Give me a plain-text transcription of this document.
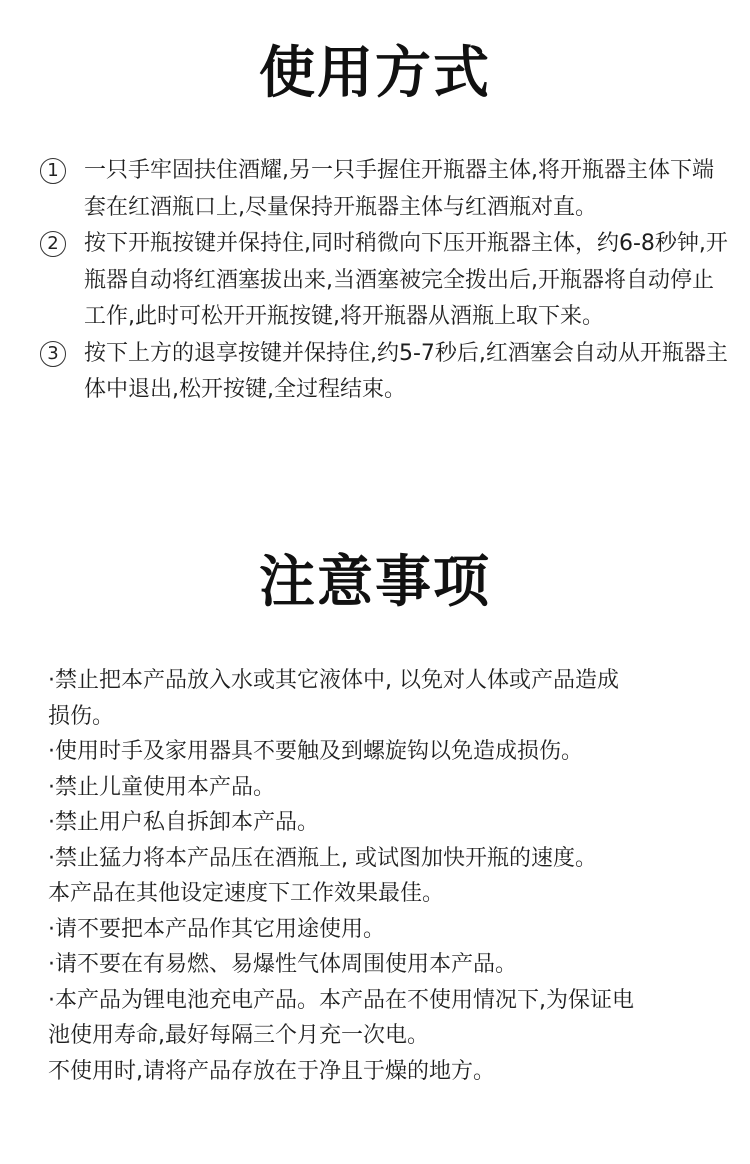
使用方式
1	一只手牢固扶住酒耀,另一只手握住开瓶器主体,将开瓶器主体下端套在红酒瓶口上,尽量保持开瓶器主体与红酒瓶对直。
2	按下开瓶按键并保持住,同时稍微向下压开瓶器主体，约6-8秒钟,开瓶器自动将红酒塞拔出来,当酒塞被完全拨出后,开瓶器将自动停止工作,此时可松开开瓶按键,将开瓶器从酒瓶上取下来。
3	按下上方的退享按键并保持住,约5-7秒后,红酒塞会自动从开瓶器主体中退出,松开按键,全过程结束。
注意事项

·禁止把本产品放入水或其它液体中, 以免对人体或产品造成

损伤。

·使用时手及家用器具不要触及到螺旋钩以免造成损伤。

·禁止儿童使用本产品。

·禁止用户私自拆卸本产品。

·禁止猛力将本产品压在酒瓶上, 或试图加快开瓶的速度。

本产品在其他设定速度下工作效果最佳。

·请不要把本产品作其它用途使用。

·请不要在有易燃、易爆性气体周围使用本产品。

·本产品为锂电池充电产品。本产品在不使用情况下,为保证电

池使用寿命,最好每隔三个月充一次电。

不使用时,请将产品存放在于净且于燥的地方。
